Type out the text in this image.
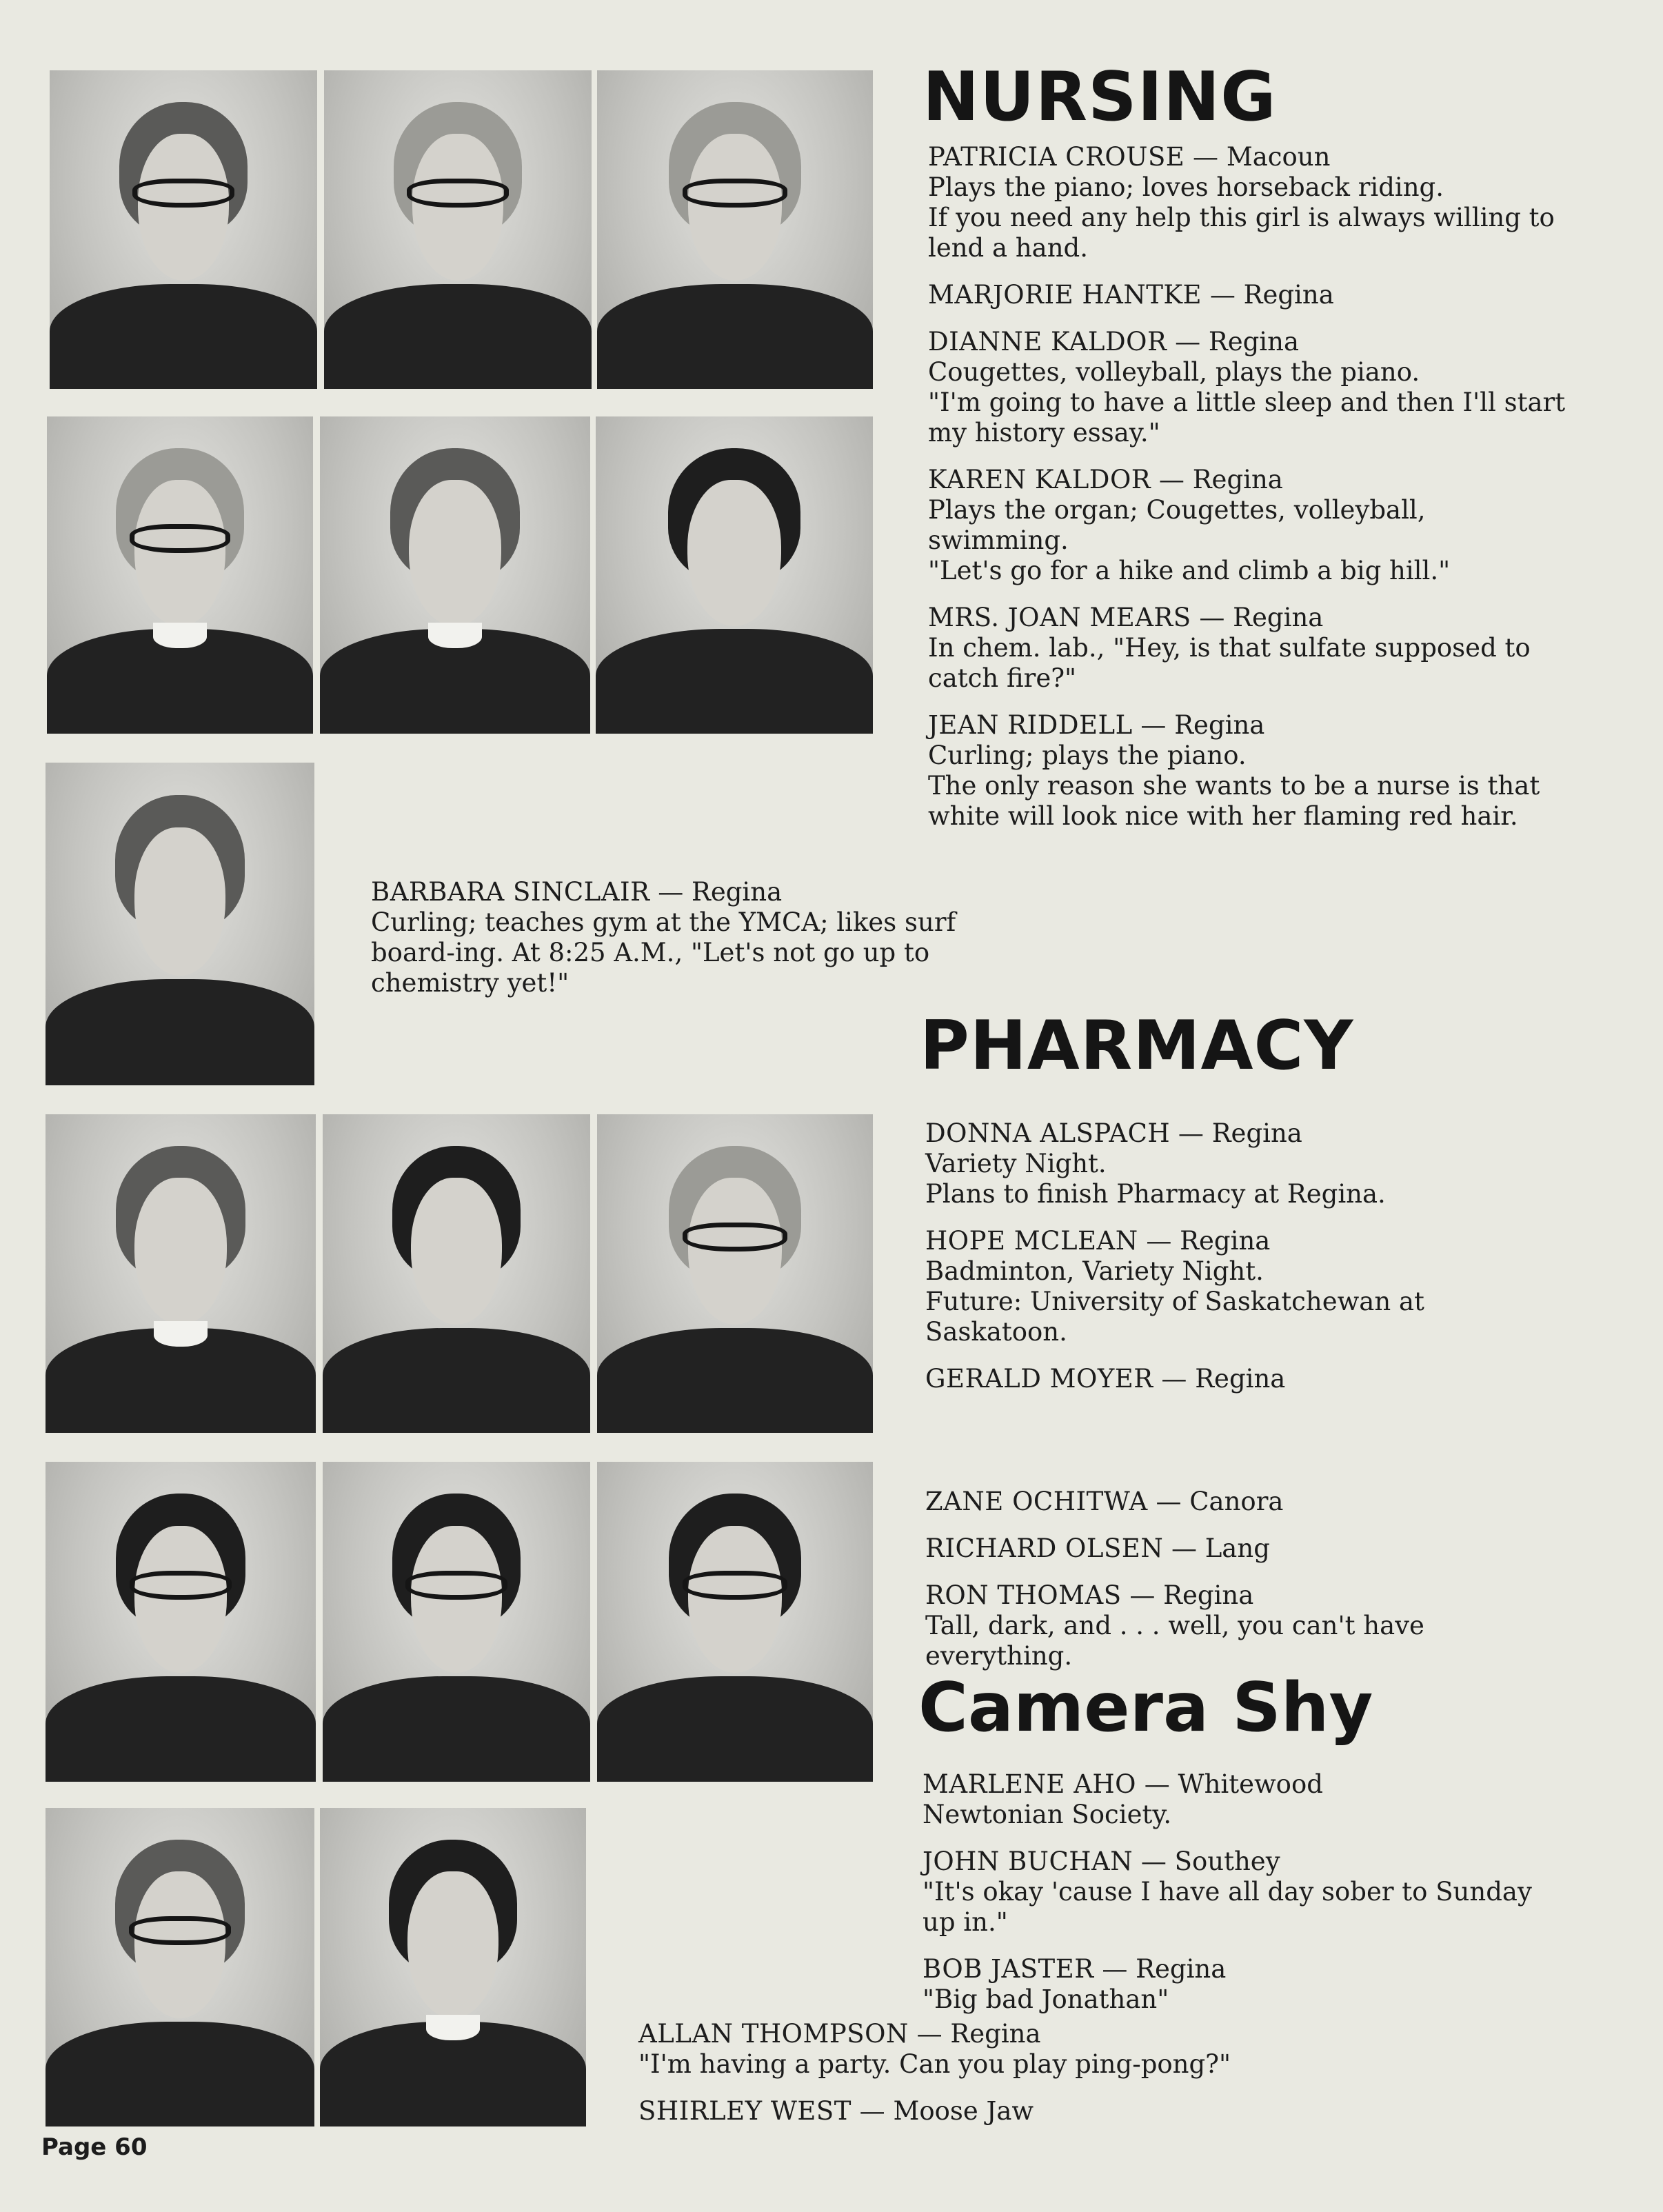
NURSING
PHARMACY
Camera Shy

PATRICIA CROUSE — Macoun
Plays the piano; loves horseback riding.
If you need any help this girl is always willing to lend a hand.

MARJORIE HANTKE — Regina

DIANNE KALDOR — Regina
Cougettes, volleyball, plays the piano.
"I'm going to have a little sleep and then I'll start my history essay."

KAREN KALDOR — Regina
Plays the organ; Cougettes, volleyball, swimming.
"Let's go for a hike and climb a big hill."

MRS. JOAN MEARS — Regina
In chem. lab., "Hey, is that sulfate supposed to catch fire?"

JEAN RIDDELL — Regina
Curling; plays the piano.
The only reason she wants to be a nurse is that white will look nice with her flaming red hair.

BARBARA SINCLAIR — Regina
Curling; teaches gym at the YMCA; likes surf board-ing. At 8:25 A.M., "Let's not go up to chemistry yet!"

DONNA ALSPACH — Regina
Variety Night.
Plans to finish Pharmacy at Regina.

HOPE MCLEAN — Regina
Badminton, Variety Night.
Future: University of Saskatchewan at Saskatoon.

GERALD MOYER — Regina

ZANE OCHITWA — Canora

RICHARD OLSEN — Lang

RON THOMAS — Regina
Tall, dark, and . . . well, you can't have everything.

MARLENE AHO — Whitewood
Newtonian Society.

JOHN BUCHAN — Southey
"It's okay 'cause I have all day sober to Sunday up in."

BOB JASTER — Regina
"Big bad Jonathan"

ALLAN THOMPSON — Regina
"I'm having a party. Can you play ping-pong?"

SHIRLEY WEST — Moose Jaw

Page 60
